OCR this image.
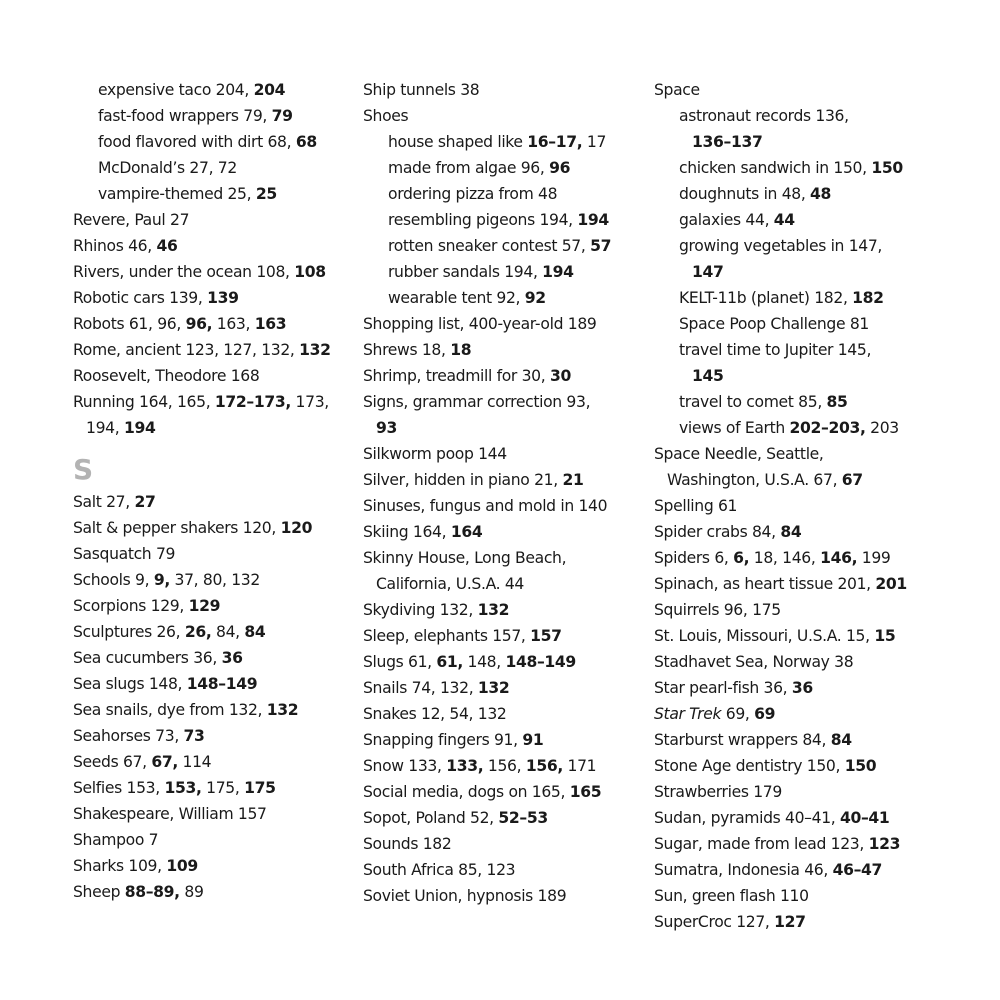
expensive taco 204, 204
fast-food wrappers 79, 79
food flavored with dirt 68, 68
McDonald’s 27, 72
vampire-themed 25, 25
Revere, Paul 27
Rhinos 46, 46
Rivers, under the ocean 108, 108
Robotic cars 139, 139
Robots 61, 96, 96, 163, 163
Rome, ancient 123, 127, 132, 132
Roosevelt, Theodore 168
Running 164, 165, 172–173, 173,
194, 194
S
Salt 27, 27
Salt & pepper shakers 120, 120
Sasquatch 79
Schools 9, 9, 37, 80, 132
Scorpions 129, 129
Sculptures 26, 26, 84, 84
Sea cucumbers 36, 36
Sea slugs 148, 148–149
Sea snails, dye from 132, 132
Seahorses 73, 73
Seeds 67, 67, 114
Selfies 153, 153, 175, 175
Shakespeare, William 157
Shampoo 7
Sharks 109, 109
Sheep 88–89, 89
Ship tunnels 38
Shoes
house shaped like 16–17, 17
made from algae 96, 96
ordering pizza from 48
resembling pigeons 194, 194
rotten sneaker contest 57, 57
rubber sandals 194, 194
wearable tent 92, 92
Shopping list, 400-year-old 189
Shrews 18, 18
Shrimp, treadmill for 30, 30
Signs, grammar correction 93,
93
Silkworm poop 144
Silver, hidden in piano 21, 21
Sinuses, fungus and mold in 140
Skiing 164, 164
Skinny House, Long Beach,
California, U.S.A. 44
Skydiving 132, 132
Sleep, elephants 157, 157
Slugs 61, 61, 148, 148–149
Snails 74, 132, 132
Snakes 12, 54, 132
Snapping fingers 91, 91
Snow 133, 133, 156, 156, 171
Social media, dogs on 165, 165
Sopot, Poland 52, 52–53
Sounds 182
South Africa 85, 123
Soviet Union, hypnosis 189
Space
astronaut records 136,
136–137
chicken sandwich in 150, 150
doughnuts in 48, 48
galaxies 44, 44
growing vegetables in 147,
147
KELT-11b (planet) 182, 182
Space Poop Challenge 81
travel time to Jupiter 145,
145
travel to comet 85, 85
views of Earth 202–203, 203
Space Needle, Seattle,
Washington, U.S.A. 67, 67
Spelling 61
Spider crabs 84, 84
Spiders 6, 6, 18, 146, 146, 199
Spinach, as heart tissue 201, 201
Squirrels 96, 175
St. Louis, Missouri, U.S.A. 15, 15
Stadhavet Sea, Norway 38
Star pearl-fish 36, 36
Star Trek 69, 69
Starburst wrappers 84, 84
Stone Age dentistry 150, 150
Strawberries 179
Sudan, pyramids 40–41, 40–41
Sugar, made from lead 123, 123
Sumatra, Indonesia 46, 46–47
Sun, green flash 110
SuperCroc 127, 127
